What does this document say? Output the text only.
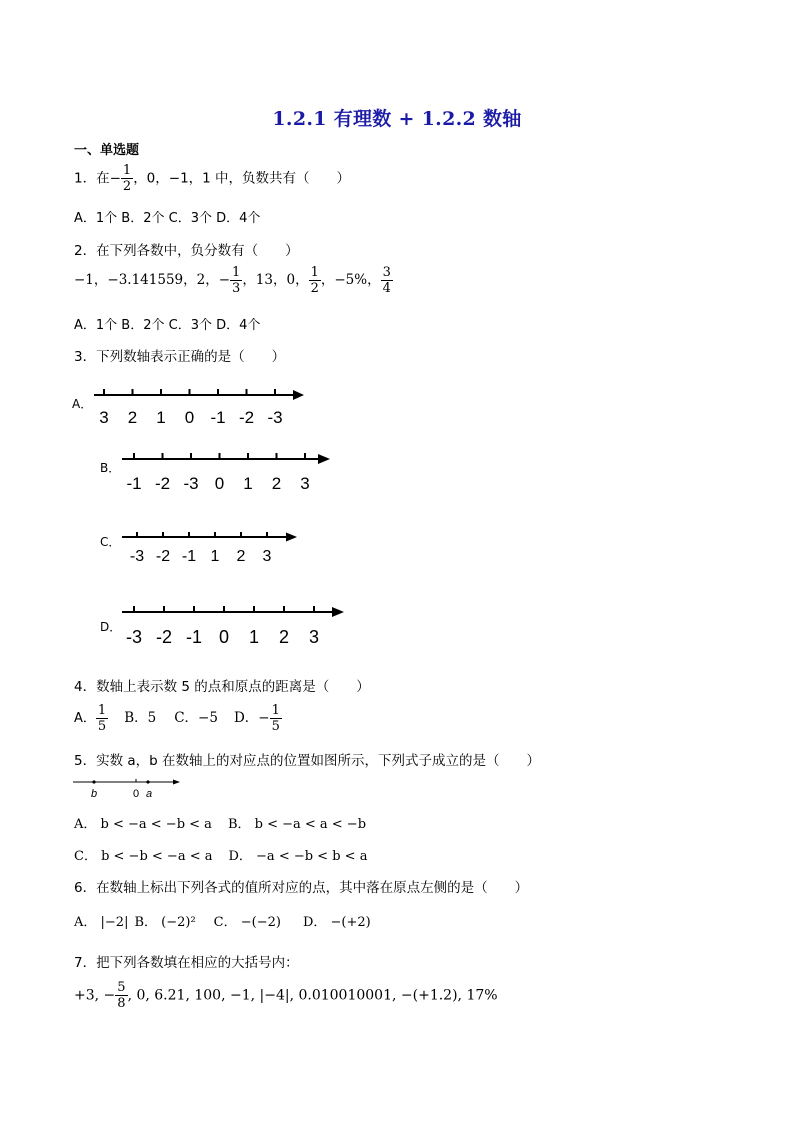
1.2.1 有理数 + 1.2.2 数轴
一、单选题
1．在− $\frac{1}{2}$ ，0，−1，1 中，负数共有（　　）
A．1个 B．2个 C．3个 D．4个
2．在下列各数中，负分数有（　　）
−1，−3.141559，2，− $\frac{1}{3}$ ，13，0， $\frac{1}{2}$ ，−5%， $\frac{3}{4}$
A．1个 B．2个 C．3个 D．4个
3．下列数轴表示正确的是（　　）
A．
3 2 1 0 -1 -2 -3
B．
-1 -2 -3 0 1 2 3
C．
-3 -2 -1 1 2 3
D． -3 -2 -1 0 1 2 3
4．数轴上表示数 5 的点和原点的距离是（　　）
A． $\frac{1}{5}$ B．5 C．−5 D．− $\frac{1}{5}$
5．实数 a，b 在数轴上的对应点的位置如图所示，下列式子成立的是（　　）
b	0 a
A． b < −a < −b < a B． b < −a < a < −b
C． b < −b < −a < a D． −a < −b < b < a
6．在数轴上标出下列各式的值所对应的点，其中落在原点左侧的是（　　）
A． |−2| B． (−2)² C． −(−2) D． −(+2)
7．把下列各数填在相应的大括号内：
+3, − $\frac{5}{8}$ , 0, 6.21, 100, −1, |−4|, 0.010010001, −(+1.2), 17%
